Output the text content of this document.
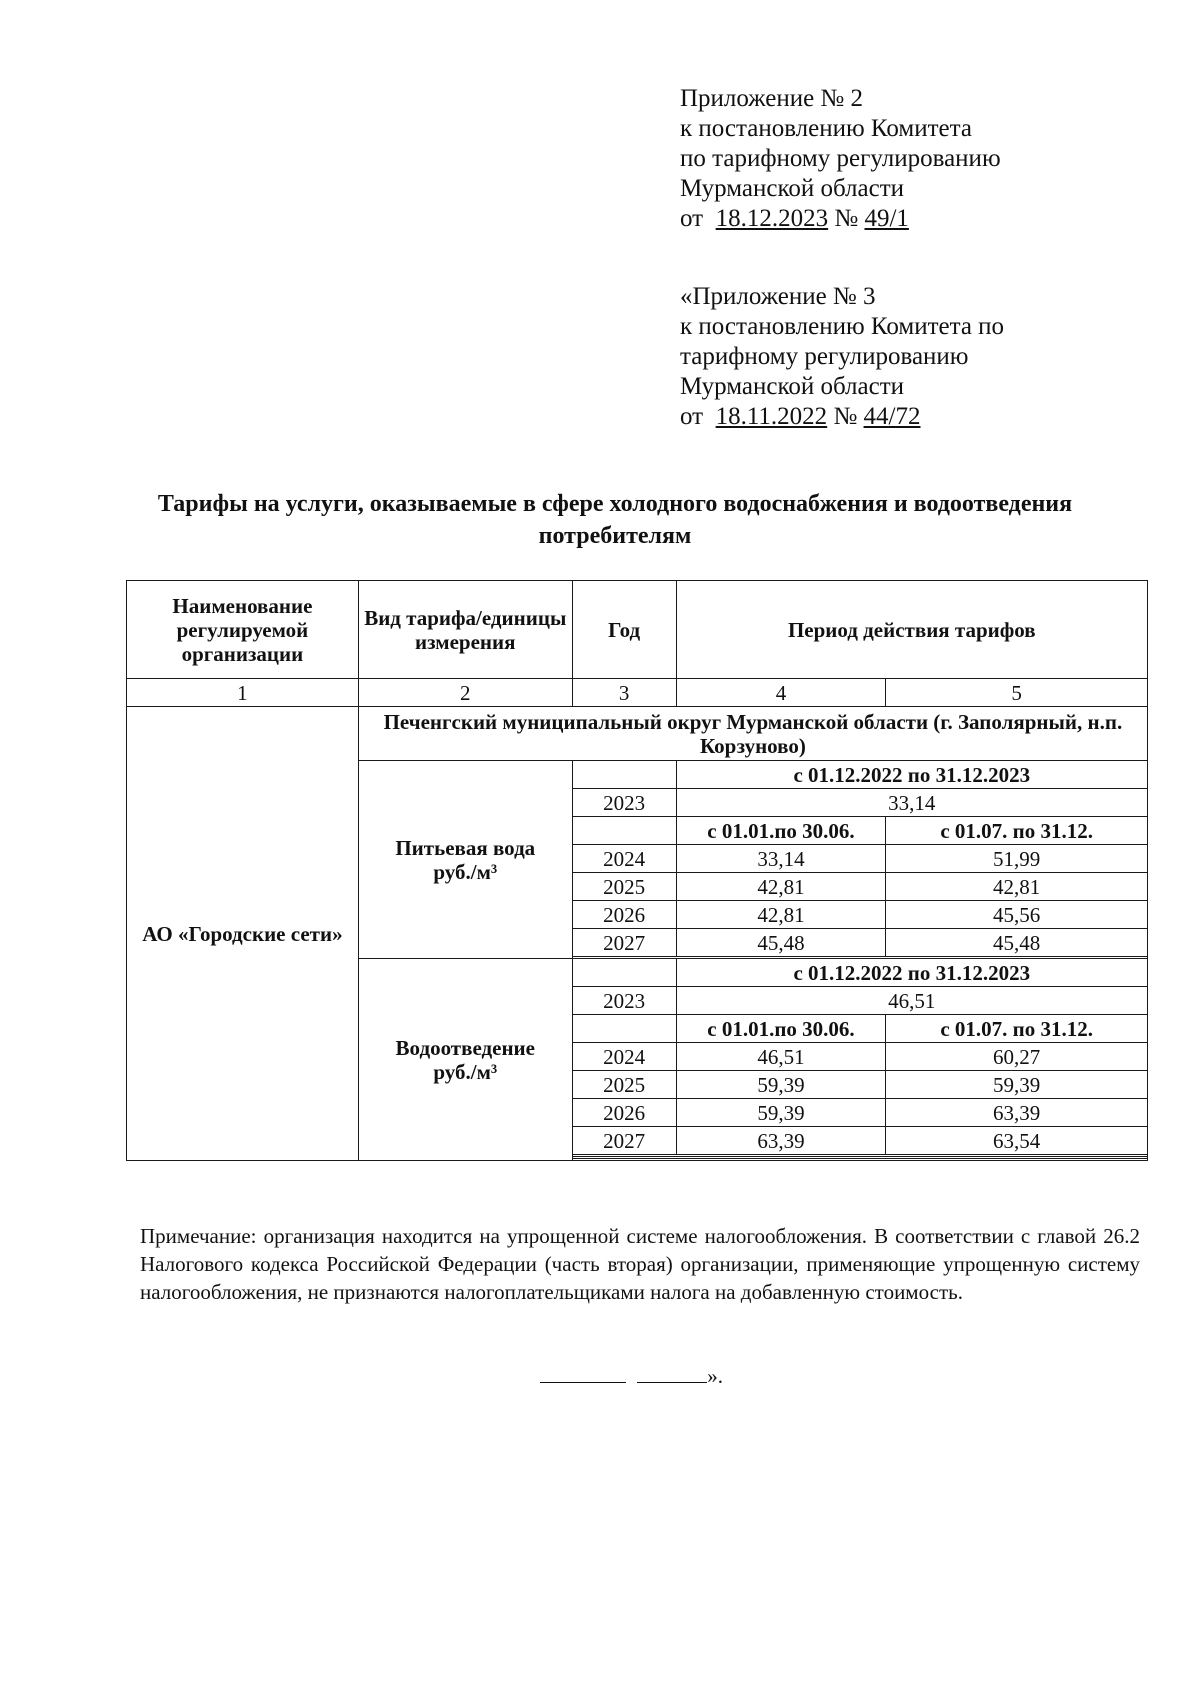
Приложение № 2
к постановлению Комитета
по тарифному регулированию
Мурманской области
от 18.12.2023 № 49/1
«Приложение № 3
к постановлению Комитета по
тарифному регулированию
Мурманской области
от 18.11.2022 № 44/72
Тарифы на услуги, оказываемые в сфере холодного водоснабжения и водоотведения потребителям
Наименование регулируемой организации	Вид тарифа/единицы измерения	Год	Период действия тарифов	
1	2	3	4	5
АО «Городские сети»	Печенгский муниципальный округ Мурманской области (г. Заполярный, н.п. Корзуново)			
	Питьевая вода
руб./м³		с 01.12.2022 по 31.12.2023	
		2023	33,14	
			с 01.01.по 30.06.	с 01.07. по 31.12.
		2024	33,14	51,99
		2025	42,81	42,81
		2026	42,81	45,56
		2027	45,48	45,48

	Водоотведение
руб./м³		с 01.12.2022 по 31.12.2023	
		2023	46,51	
			с 01.01.по 30.06.	с 01.07. по 31.12.
		2024	46,51	60,27
		2025	59,39	59,39
		2026	59,39	63,39
		2027	63,39	63,54

Примечание: организация находится на упрощенной системе налогообложения. В соответствии с главой 26.2 Налогового кодекса Российской Федерации (часть вторая) организации, применяющие упрощенную систему налогообложения, не признаются налогоплательщиками налога на добавленную стоимость.
».
